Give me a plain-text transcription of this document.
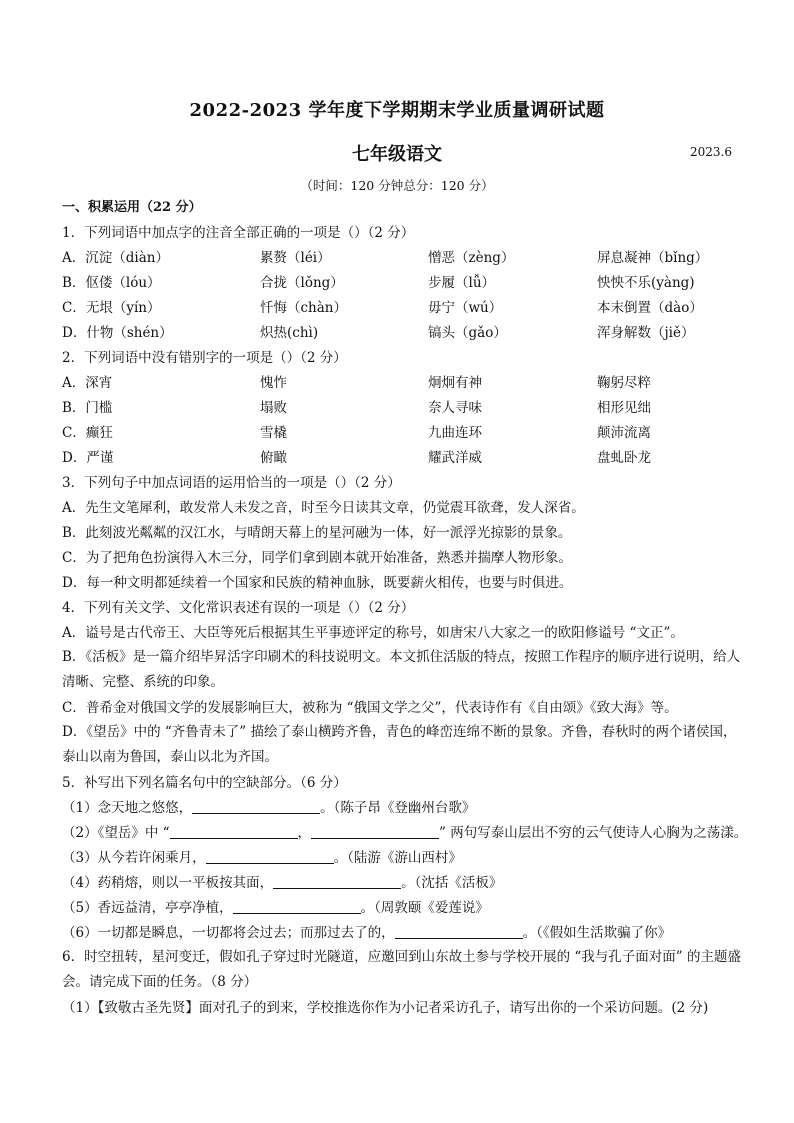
2022-2023 学年度下学期期末学业质量调研试题
七年级语文	2023.6
（时间：120 分钟总分：120 分）
一、积累运用（22 分）
1．下列词语中加点字的注音全部正确的一项是（）（2 分）
A．沉淀（diàn）	累赘（léi）	憎恶（zèng）	屏息凝神（bǐng）
B．伛偻（lóu）	合拢（lǒng）	步履（lǚ）	怏怏不乐(yàng)
C．无垠（yín）	忏悔（chàn）	毋宁（wú）	本末倒置（dào）
D．什物（shén）	炽热(chì)	镐头（gǎo）	浑身解数（jiě）
2．下列词语中没有错别字的一项是（）（2 分）
A．深宵	愧怍	炯炯有神	鞠躬尽粹
B．门槛	塌败	奈人寻味	相形见绌
C．癫狂	雪橇	九曲连环	颠沛流离
D．严谨	俯瞰	耀武洋威	盘虬卧龙
3．下列句子中加点词语的运用恰当的一项是（）（2 分）
A．先生文笔犀利，敢发常人未发之音，时至今日读其文章，仍觉震耳欲聋，发人深省。
B．此刻波光粼粼的汉江水，与晴朗天幕上的星河融为一体，好一派浮光掠影的景象。
C．为了把角色扮演得入木三分，同学们拿到剧本就开始准备，熟悉并揣摩人物形象。
D．每一种文明都延续着一个国家和民族的精神血脉，既要薪火相传，也要与时俱进。
4．下列有关文学、文化常识表述有误的一项是（）（2 分）
A．谥号是古代帝王、大臣等死后根据其生平事迹评定的称号，如唐宋八大家之一的欧阳修谥号 “文正”。
B．《活板》是一篇介绍毕昇活字印刷术的科技说明文。本文抓住活版的特点，按照工作程序的顺序进行说明，给人清晰、完整、系统的印象。
C．普希金对俄国文学的发展影响巨大，被称为 “俄国文学之父”，代表诗作有《自由颂》《致大海》等。
D．《望岳》中的 “齐鲁青未了” 描绘了泰山横跨齐鲁，青色的峰峦连绵不断的景象。齐鲁，春秋时的两个诸侯国，泰山以南为鲁国，泰山以北为齐国。
5．补写出下列名篇名句中的空缺部分。（6 分）
（1）念天地之悠悠，	。（陈子昂《登幽州台歌》
（2）《望岳》中 “	，	” 两句写泰山层出不穷的云气使诗人心胸为之荡漾。
（3）从今若许闲乘月，	。（陆游《游山西村》
（4）药稍熔，则以一平板按其面，	。（沈括《活板》
（5）香远益清，亭亭净植，	。（周敦颐《爱莲说》
（6）一切都是瞬息，一切都将会过去；而那过去了的，	。（《假如生活欺骗了你》
6．时空扭转，星河变迁，假如孔子穿过时光隧道，应邀回到山东故土参与学校开展的 “我与孔子面对面” 的主题盛会。请完成下面的任务。（8 分）
（1）【致敬古圣先贤】面对孔子的到来，学校推选你作为小记者采访孔子，请写出你的一个采访问题。(2 分)
